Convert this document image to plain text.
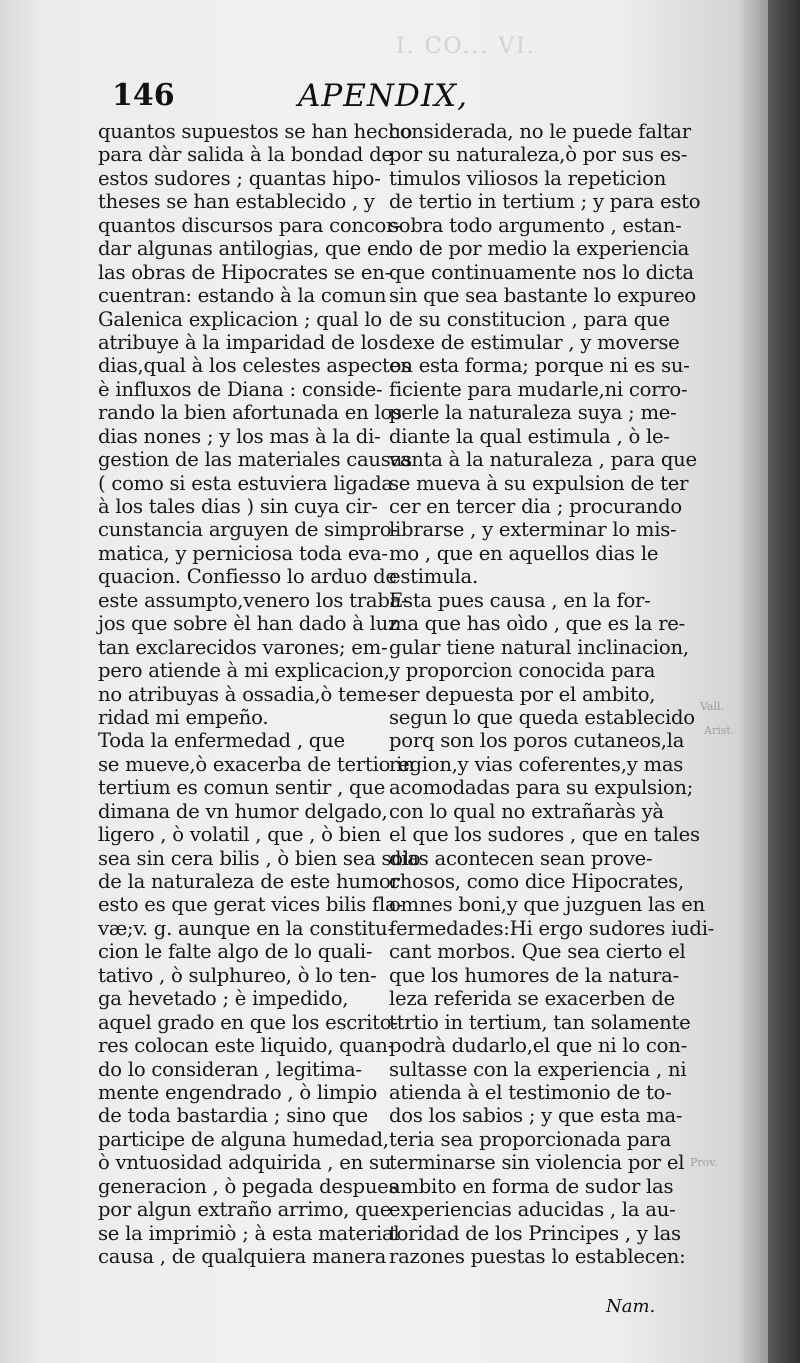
I. CO... VI.
146	APENDIX,
quantos supuestos se han hecho
para dàr salida à la bondad de
estos sudores ; quantas hipo-
theses se han establecido , y
quantos discursos para concor-
dar algunas antilogias, que en
las obras de Hipocrates se en-
cuentran: estando à la comun
Galenica explicacion ; qual lo
atribuye à la imparidad de los
dias,qual à los celestes aspectos
è influxos de Diana : conside-
rando la bien afortunada en los
dias nones ; y los mas à la di-
gestion de las materiales causas
( como si esta estuviera ligada
à los tales dias ) sin cuya cir-
cunstancia arguyen de simpro-
matica, y perniciosa toda eva-
quacion. Confiesso lo arduo de
este assumpto,venero los traba-
jos que sobre èl han dado à luz
tan exclarecidos varones; em-
pero atiende à mi explicacion,
no atribuyas à ossadia,ò teme-
ridad mi empeño.
Toda la enfermedad , que
se mueve,ò exacerba de tertio in
tertium es comun sentir , que
dimana de vn humor delgado,
ligero , ò volatil , que , ò bien
sea sin cera bilis , ò bien sea solo
de la naturaleza de este humor
esto es que gerat vices bilis fla-
væ;v. g. aunque en la constitu-
cion le falte algo de lo quali-
tativo , ò sulphureo, ò lo ten-
ga hevetado ; è impedido,
aquel grado en que los escrito-
res colocan este liquido, quan-
do lo consideran , legitima-
mente engendrado , ò limpio
de toda bastardia ; sino que
participe de alguna humedad,
ò vntuosidad adquirida , en su
generacion , ò pegada despues
por algun extraño arrimo, que
se la imprimiò ; à esta material
causa , de qualquiera manera
considerada, no le puede faltar
por su naturaleza,ò por sus es-
timulos viliosos la repeticion
de tertio in tertium ; y para esto
sobra todo argumento , estan-
do de por medio la experiencia
que continuamente nos lo dicta
sin que sea bastante lo expureo
de su constitucion , para que
dexe de estimular , y moverse
en esta forma; porque ni es su-
ficiente para mudarle,ni corro-
perle la naturaleza suya ; me-
diante la qual estimula , ò le-
vanta à la naturaleza , para que
se mueva à su expulsion de ter
cer en tercer dia ; procurando
librarse , y exterminar lo mis-
mo , que en aquellos dias le
estimula.
Esta pues causa , en la for-
ma que has oìdo , que es la re-
gular tiene natural inclinacion,
y proporcion conocida para
ser depuesta por el ambito,
segun lo que queda establecido
porq son los poros cutaneos,la
region,y vias coferentes,y mas
acomodadas para su expulsion;
con lo qual no extrañaràs yà
el que los sudores , que en tales
dias acontecen sean prove-
chosos, como dice Hipocrates,
omnes boni,y que juzguen las en
fermedades:Hi ergo sudores iudi-
cant morbos. Que sea cierto el
que los humores de la natura-
leza referida se exacerben de
ttrtio in tertium, tan solamente
podrà dudarlo,el que ni lo con-
sultasse con la experiencia , ni
atienda à el testimonio de to-
dos los sabios ; y que esta ma-
teria sea proporcionada para
terminarse sin violencia por el
ambito en forma de sudor las
experiencias aducidas , la au-
toridad de los Principes , y las
razones puestas lo establecen:
Nam.
Vall.
Arist.
Prov.
